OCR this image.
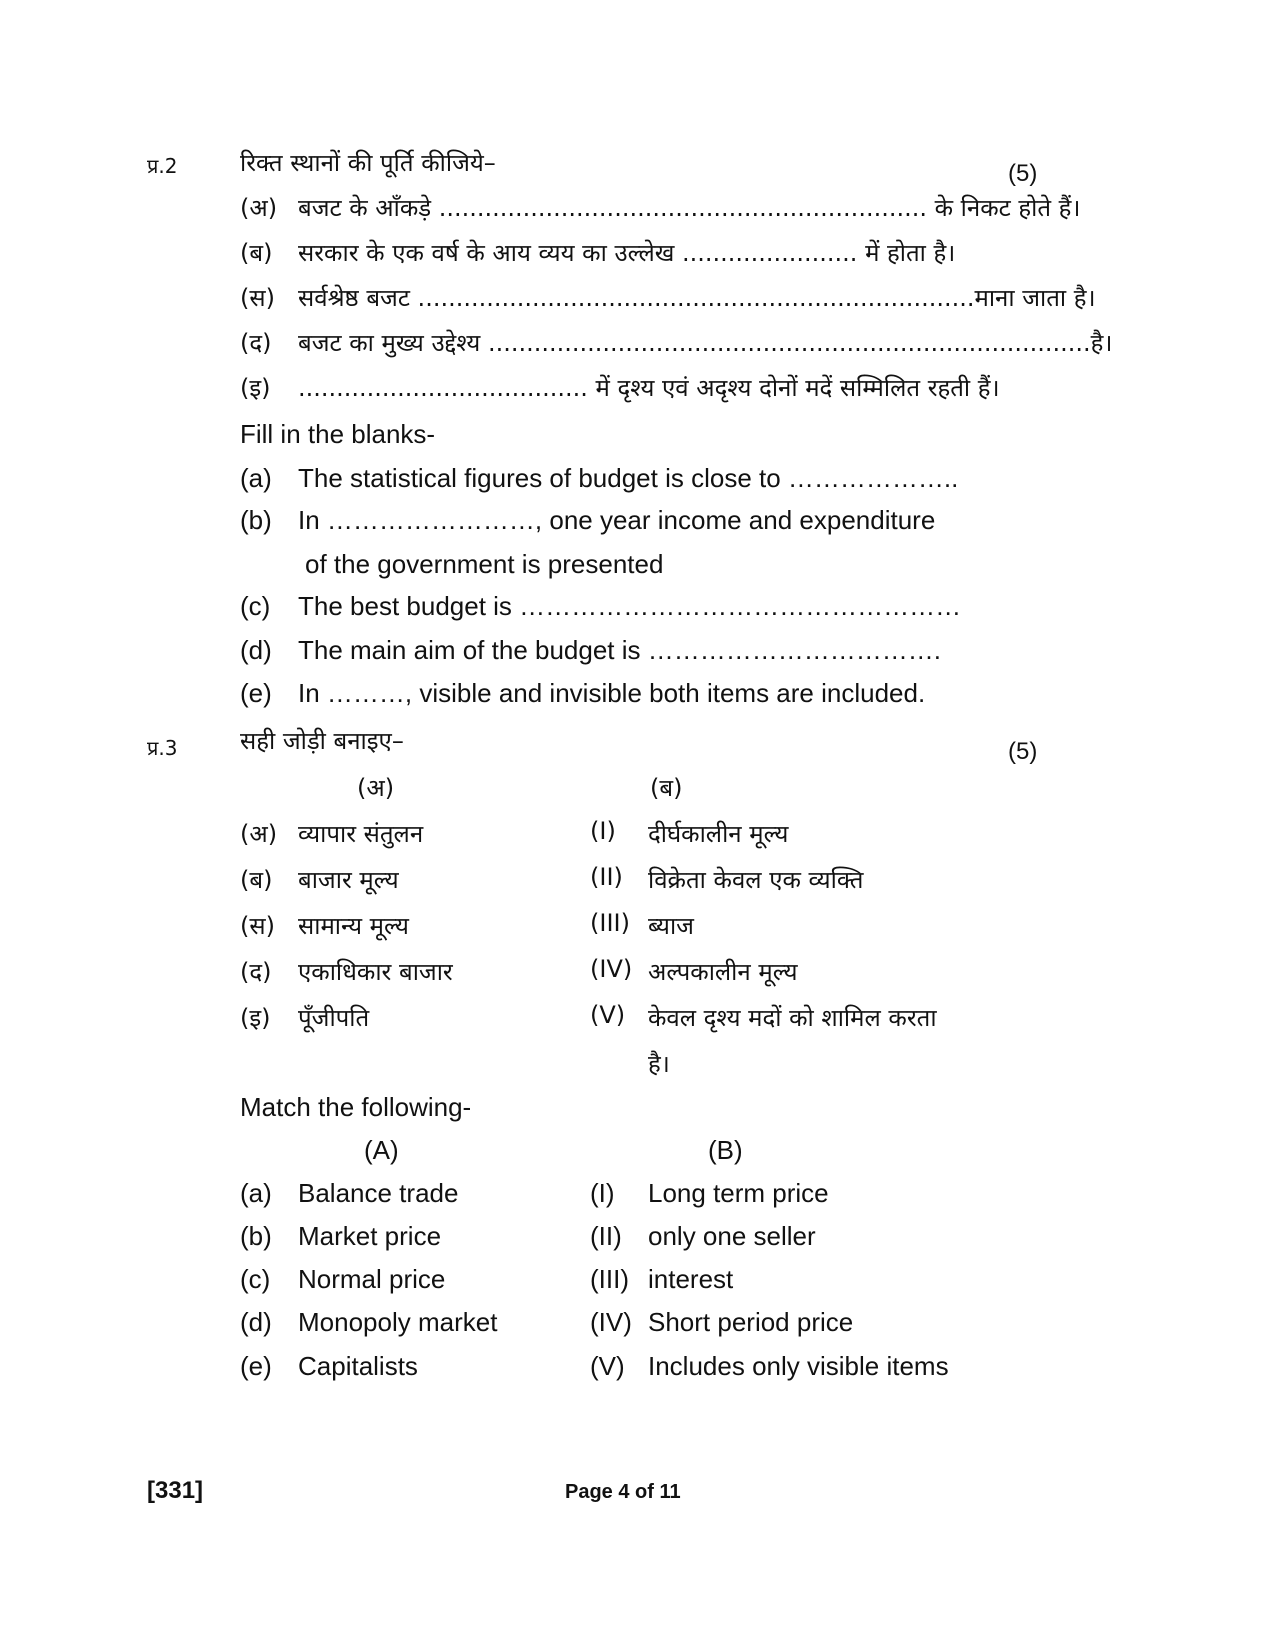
प्र.2	रिक्त स्थानों की पूर्ति कीजिये–	(5)
(अ) बजट के आँकड़े ................................................................ के निकट होते हैं।
(ब) सरकार के एक वर्ष के आय व्यय का उल्लेख ....................... में होता है।
(स) सर्वश्रेष्ठ बजट .........................................................................माना जाता है।
(द) बजट का मुख्य उद्देश्य ...............................................................................है।
(इ) ...................................... में दृश्य एवं अदृश्य दोनों मदें सम्मिलित रहती हैं।
Fill in the blanks-
(a) The statistical figures of budget is close to ………………..
(b) In ……………………, one year income and expenditure
of the government is presented
(c) The best budget is ……………………………………………
(d) The main aim of the budget is …………………………….
(e) In ………, visible and invisible both items are included.
प्र.3	सही जोड़ी बनाइए–	(5)
(अ)	(ब)
(अ) व्यापार संतुलन	(I) दीर्घकालीन मूल्य
(ब) बाजार मूल्य	(II) विक्रेता केवल एक व्यक्ति
(स) सामान्य मूल्य	(III) ब्याज
(द) एकाधिकार बाजार	(IV) अल्पकालीन मूल्य
(इ) पूँजीपति	(V) केवल दृश्य मदों को शामिल करता
है।
Match the following-
(A)	(B)
(a) Balance trade	(I) Long term price
(b) Market price	(II) only one seller
(c) Normal price	(III) interest
(d) Monopoly market	(IV) Short period price
(e) Capitalists	(V) Includes only visible items
[331]	Page 4 of 11
